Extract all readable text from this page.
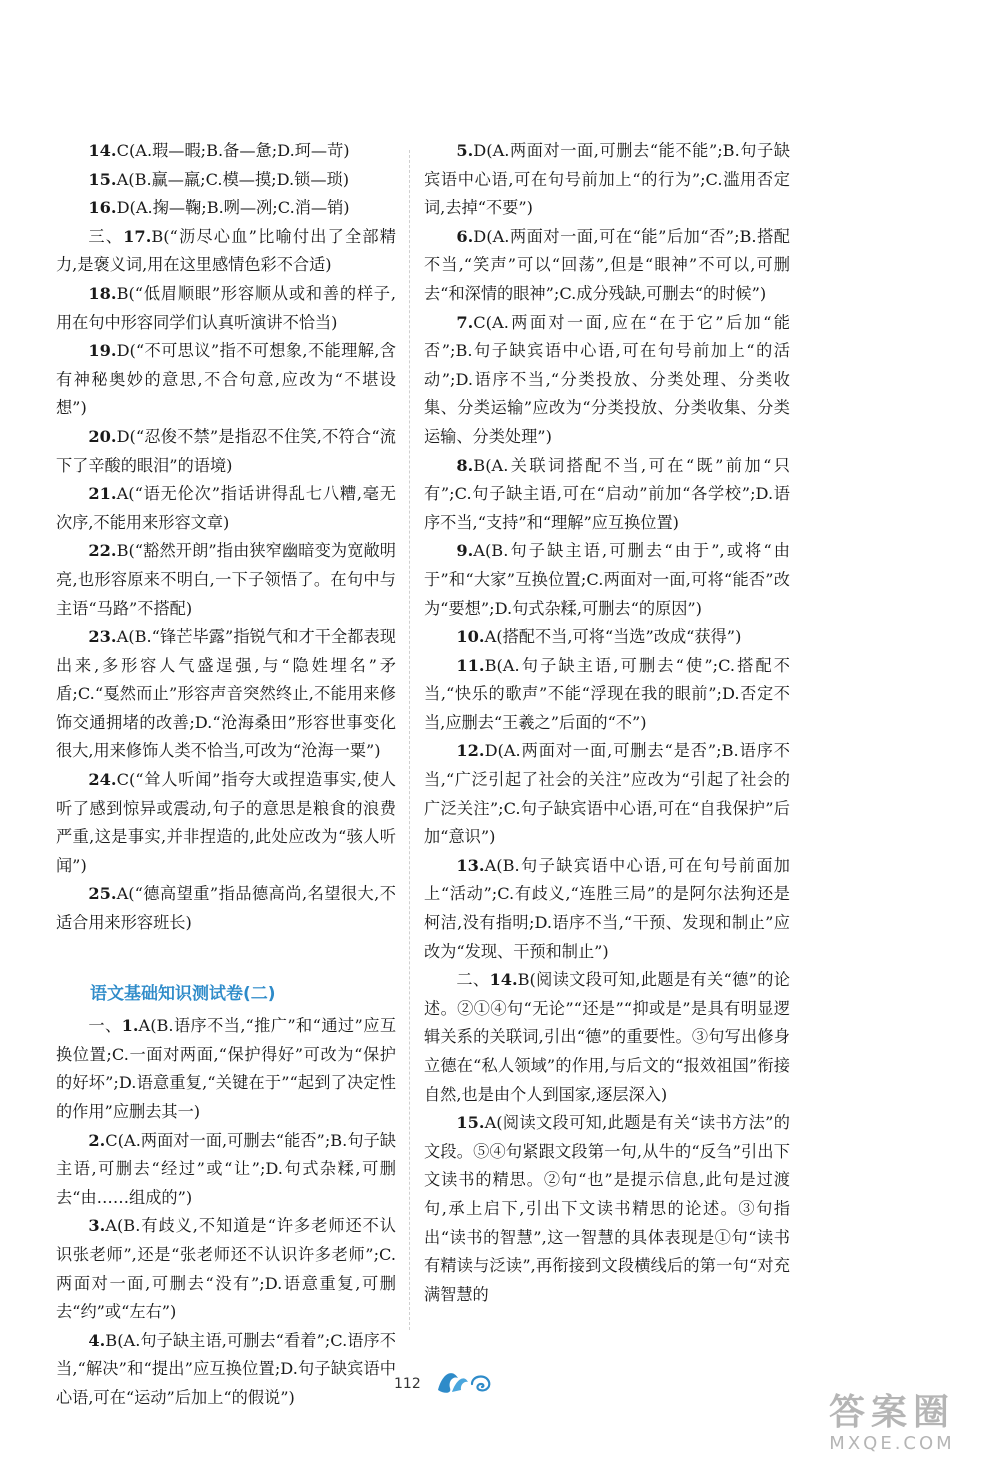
14.C(A.瑕—暇;B.备—惫;D.珂—苛)

15.A(B.赢—羸;C.模—摸;D.锁—琐)

16.D(A.掬—鞠;B.咧—冽;C.消—销)

三、17.B(“沥尽心血”比喻付出了全部精力,是褒义词,用在这里感情色彩不合适)

18.B(“低眉顺眼”形容顺从或和善的样子,用在句中形容同学们认真听演讲不恰当)

19.D(“不可思议”指不可想象,不能理解,含有神秘奥妙的意思,不合句意,应改为“不堪设想”)

20.D(“忍俊不禁”是指忍不住笑,不符合“流下了辛酸的眼泪”的语境)

21.A(“语无伦次”指话讲得乱七八糟,毫无次序,不能用来形容文章)

22.B(“豁然开朗”指由狭窄幽暗变为宽敞明亮,也形容原来不明白,一下子领悟了。在句中与主语“马路”不搭配)

23.A(B.“锋芒毕露”指锐气和才干全都表现出来,多形容人气盛逞强,与“隐姓埋名”矛盾;C.“戛然而止”形容声音突然终止,不能用来修饰交通拥堵的改善;D.“沧海桑田”形容世事变化很大,用来修饰人类不恰当,可改为“沧海一粟”)

24.C(“耸人听闻”指夸大或捏造事实,使人听了感到惊异或震动,句子的意思是粮食的浪费严重,这是事实,并非捏造的,此处应改为“骇人听闻”)

25.A(“德高望重”指品德高尚,名望很大,不适合用来形容班长)

语文基础知识测试卷(二)

一、1.A(B.语序不当,“推广”和“通过”应互换位置;C.一面对两面,“保护得好”可改为“保护的好坏”;D.语意重复,“关键在于”“起到了决定性的作用”应删去其一)

2.C(A.两面对一面,可删去“能否”;B.句子缺主语,可删去“经过”或“让”;D.句式杂糅,可删去“由……组成的”)

3.A(B.有歧义,不知道是“许多老师还不认识张老师”,还是“张老师还不认识许多老师”;C.两面对一面,可删去“没有”;D.语意重复,可删去“约”或“左右”)

4.B(A.句子缺主语,可删去“看着”;C.语序不当,“解决”和“提出”应互换位置;D.句子缺宾语中心语,可在“运动”后加上“的假说”)

5.D(A.两面对一面,可删去“能不能”;B.句子缺宾语中心语,可在句号前加上“的行为”;C.滥用否定词,去掉“不要”)

6.D(A.两面对一面,可在“能”后加“否”;B.搭配不当,“笑声”可以“回荡”,但是“眼神”不可以,可删去“和深情的眼神”;C.成分残缺,可删去“的时候”)

7.C(A.两面对一面,应在“在于它”后加“能否”;B.句子缺宾语中心语,可在句号前加上“的活动”;D.语序不当,“分类投放、分类处理、分类收集、分类运输”应改为“分类投放、分类收集、分类运输、分类处理”)

8.B(A.关联词搭配不当,可在“既”前加“只有”;C.句子缺主语,可在“启动”前加“各学校”;D.语序不当,“支持”和“理解”应互换位置)

9.A(B.句子缺主语,可删去“由于”,或将“由于”和“大家”互换位置;C.两面对一面,可将“能否”改为“要想”;D.句式杂糅,可删去“的原因”)

10.A(搭配不当,可将“当选”改成“获得”)

11.B(A.句子缺主语,可删去“使”;C.搭配不当,“快乐的歌声”不能“浮现在我的眼前”;D.否定不当,应删去“王羲之”后面的“不”)

12.D(A.两面对一面,可删去“是否”;B.语序不当,“广泛引起了社会的关注”应改为“引起了社会的广泛关注”;C.句子缺宾语中心语,可在“自我保护”后加“意识”)

13.A(B.句子缺宾语中心语,可在句号前面加上“活动”;C.有歧义,“连胜三局”的是阿尔法狗还是柯洁,没有指明;D.语序不当,“干预、发现和制止”应改为“发现、干预和制止”)

二、14.B(阅读文段可知,此题是有关“德”的论述。②①④句“无论”“还是”“抑或是”是具有明显逻辑关系的关联词,引出“德”的重要性。③句写出修身立德在“私人领域”的作用,与后文的“报效祖国”衔接自然,也是由个人到国家,逐层深入)

15.A(阅读文段可知,此题是有关“读书方法”的文段。⑤④句紧跟文段第一句,从牛的“反刍”引出下文读书的精思。②句“也”是提示信息,此句是过渡句,承上启下,引出下文读书精思的论述。③句指出“读书的智慧”,这一智慧的具体表现是①句“读书有精读与泛读”,再衔接到文段横线后的第一句“对充满智慧的

112
答案圈
MXQE.COM
